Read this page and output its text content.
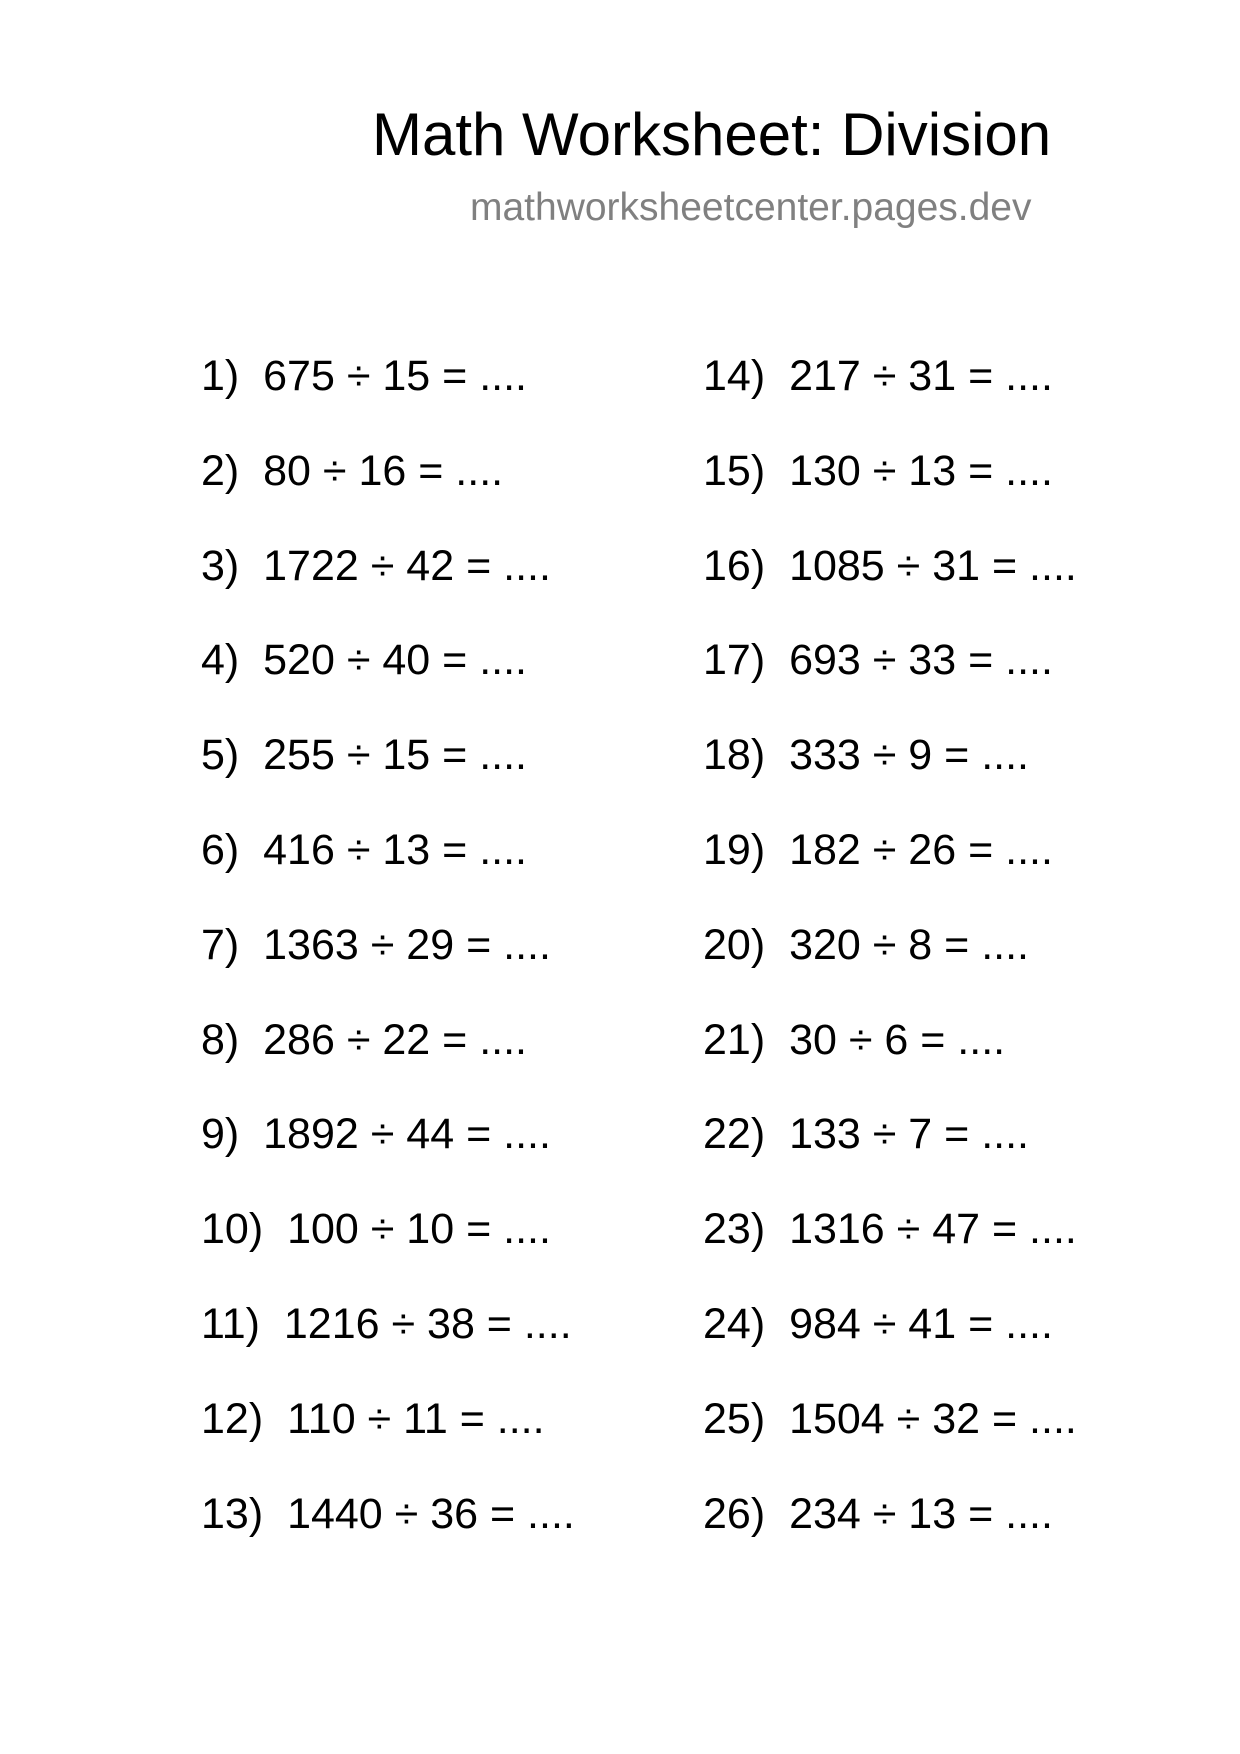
Math Worksheet: Division
mathworksheetcenter.pages.dev
1) 675 ÷ 15 = ....
2) 80 ÷ 16 = ....
3) 1722 ÷ 42 = ....
4) 520 ÷ 40 = ....
5) 255 ÷ 15 = ....
6) 416 ÷ 13 = ....
7) 1363 ÷ 29 = ....
8) 286 ÷ 22 = ....
9) 1892 ÷ 44 = ....
10) 100 ÷ 10 = ....
11) 1216 ÷ 38 = ....
12) 110 ÷ 11 = ....
13) 1440 ÷ 36 = ....
14) 217 ÷ 31 = ....
15) 130 ÷ 13 = ....
16) 1085 ÷ 31 = ....
17) 693 ÷ 33 = ....
18) 333 ÷ 9 = ....
19) 182 ÷ 26 = ....
20) 320 ÷ 8 = ....
21) 30 ÷ 6 = ....
22) 133 ÷ 7 = ....
23) 1316 ÷ 47 = ....
24) 984 ÷ 41 = ....
25) 1504 ÷ 32 = ....
26) 234 ÷ 13 = ....
